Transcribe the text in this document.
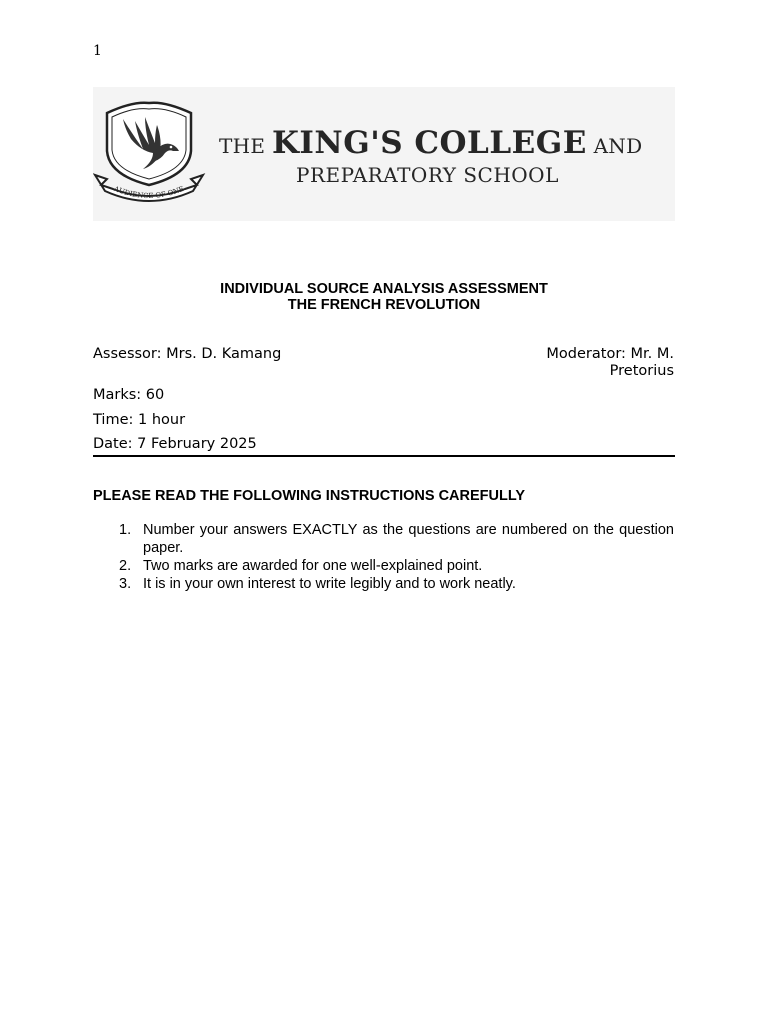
1
AUDIENCE OF ONE
THE KING'S COLLEGE AND
PREPARATORY SCHOOL
INDIVIDUAL SOURCE ANALYSIS ASSESSMENT
THE FRENCH REVOLUTION
Assessor: Mrs. D. Kamang	Moderator: Mr. M.
Pretorius
Marks: 60
Time: 1 hour
Date: 7 February 2025
PLEASE READ THE FOLLOWING INSTRUCTIONS CAREFULLY
1. Number your answers EXACTLY as the questions are numbered on the question paper.
2. Two marks are awarded for one well-explained point.
3. It is in your own interest to write legibly and to work neatly.
